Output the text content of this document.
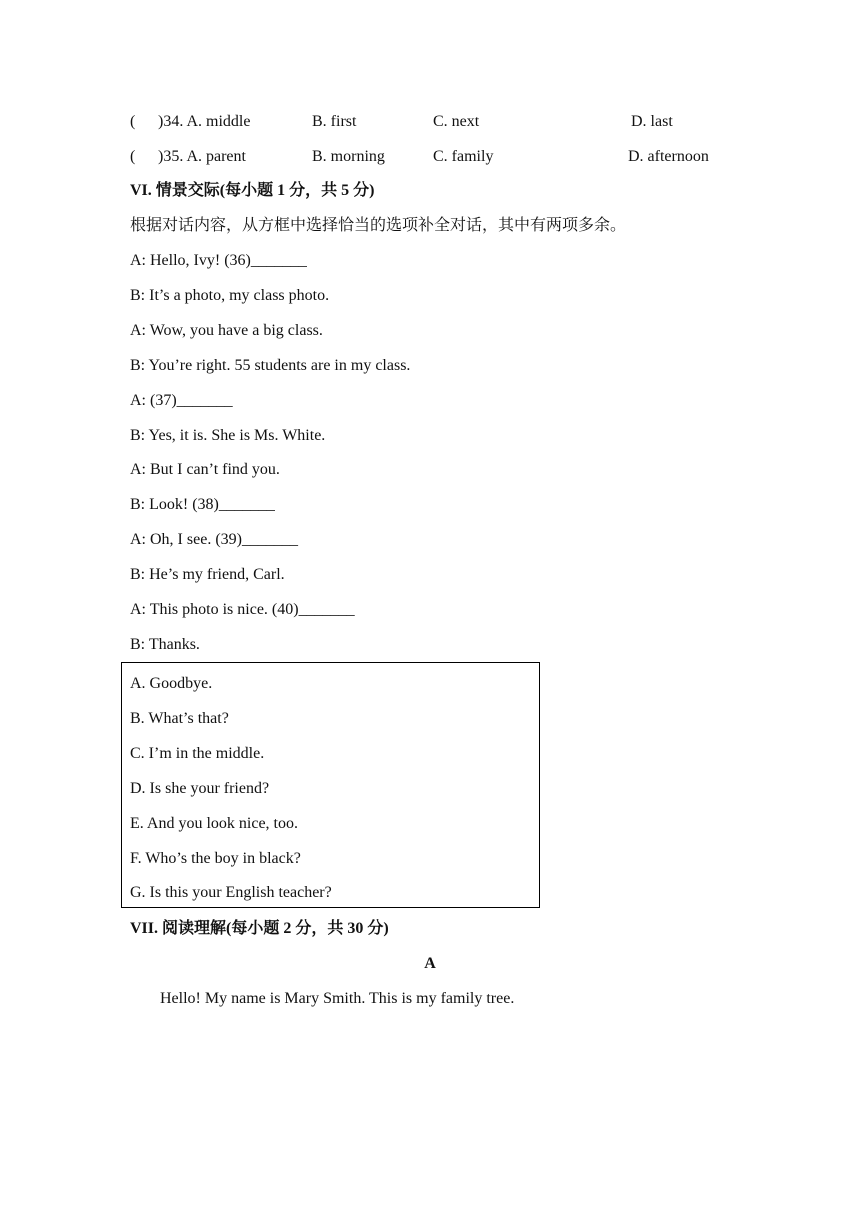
( )34. A. middle	B. first	C. next	D. last
( )35. A. parent	B. morning	C. family	D. afternoon
VI. 情景交际(每小题 1 分，共 5 分)
根据对话内容，从方框中选择恰当的选项补全对话，其中有两项多余。
A: Hello, Ivy! (36)_______
B: It’s a photo, my class photo.
A: Wow, you have a big class.
B: You’re right. 55 students are in my class.
A: (37)_______
B: Yes, it is. She is Ms. White.
A: But I can’t find you.
B: Look! (38)_______
A: Oh, I see. (39)_______
B: He’s my friend, Carl.
A: This photo is nice. (40)_______
B: Thanks.
A. Goodbye.
B. What’s that?
C. I’m in the middle.
D. Is she your friend?
E. And you look nice, too.
F. Who’s the boy in black?
G. Is this your English teacher?
VII. 阅读理解(每小题 2 分，共 30 分)
A
Hello! My name is Mary Smith. This is my family tree.
